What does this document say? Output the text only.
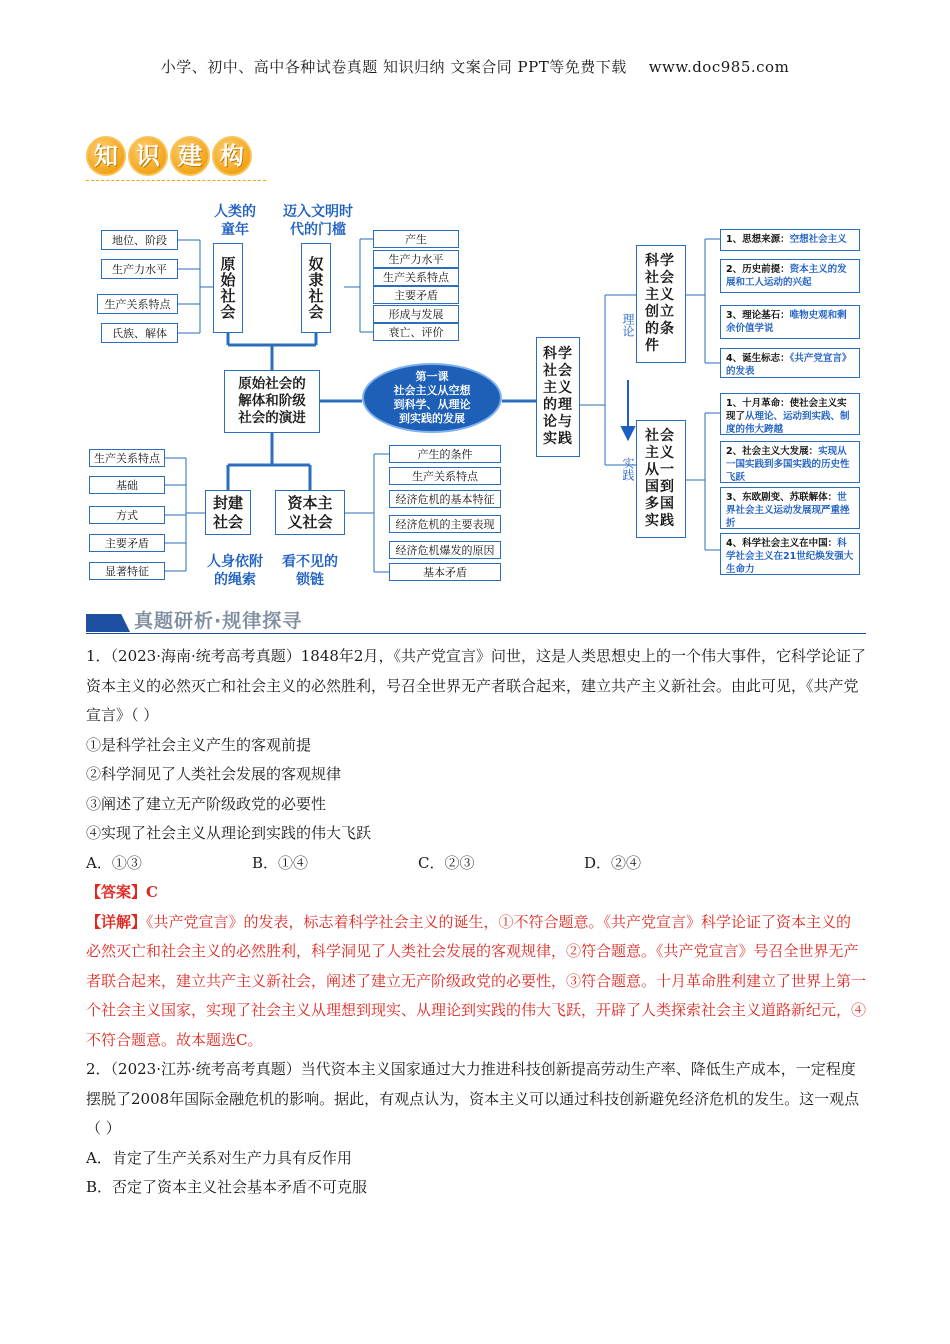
小学、初中、高中各种试卷真题 知识归纳 文案合同 PPT等免费下载 www.doc985.com
知 识 建 构
人类的
童年
迈入文明时
代的门槛
地位、阶段
生产力水平
生产关系特点
氏族、解体
原始社会	奴隶社会
产生
生产力水平
生产关系特点
主要矛盾
形成与发展
衰亡、评价
原始社会的
解体和阶级
社会的演进
第一课
社会主义从空想
到科学、从理论
到实践的发展
生产关系特点
基础
方式
主要矛盾
显著特征
封建
社会
资本主
义社会
人身依附
的绳索
看不见的
锁链
产生的条件
生产关系特点
经济危机的基本特征
经济危机的主要表现
经济危机爆发的原因
基本矛盾
科学社会主义的理论与实践
理论
实践
科学社会主义创立的条件
社会主义从一国到多国实践
1、思想来源：空想社会主义
2、历史前提：资本主义的发展和工人运动的兴起
3、理论基石：唯物史观和剩余价值学说
4、诞生标志：《共产党宣言》的发表
1、十月革命：使社会主义实现了从理论、运动到实践、制度的伟大跨越
2、社会主义大发展：实现从一国实践到多国实践的历史性飞跃
3、东欧剧变、苏联解体：世界社会主义运动发展现严重挫折
4、科学社会主义在中国：科学社会主义在21世纪焕发强大生命力
真题研析·规律探寻

1．（2023·海南·统考高考真题）1848年2月，《共产党宣言》问世，这是人类思想史上的一个伟大事件，它科学论证了资本主义的必然灭亡和社会主义的必然胜利，号召全世界无产者联合起来，建立共产主义新社会。由此可见，《共产党宣言》（ ）

①是科学社会主义产生的客观前提

②科学洞见了人类社会发展的客观规律

③阐述了建立无产阶级政党的必要性

④实现了社会主义从理论到实践的伟大飞跃

A．①③	B．①④	C．②③	D．②④

【答案】C

【详解】《共产党宣言》的发表，标志着科学社会主义的诞生，①不符合题意。《共产党宣言》科学论证了资本主义的必然灭亡和社会主义的必然胜利，科学洞见了人类社会发展的客观规律，②符合题意。《共产党宣言》号召全世界无产者联合起来，建立共产主义新社会，阐述了建立无产阶级政党的必要性，③符合题意。十月革命胜利建立了世界上第一个社会主义国家，实现了社会主义从理想到现实、从理论到实践的伟大飞跃，开辟了人类探索社会主义道路新纪元，④不符合题意。故本题选C。

2．（2023·江苏·统考高考真题）当代资本主义国家通过大力推进科技创新提高劳动生产率、降低生产成本，一定程度摆脱了2008年国际金融危机的影响。据此，有观点认为，资本主义可以通过科技创新避免经济危机的发生。这一观点（ ）

A．肯定了生产关系对生产力具有反作用

B．否定了资本主义社会基本矛盾不可克服
